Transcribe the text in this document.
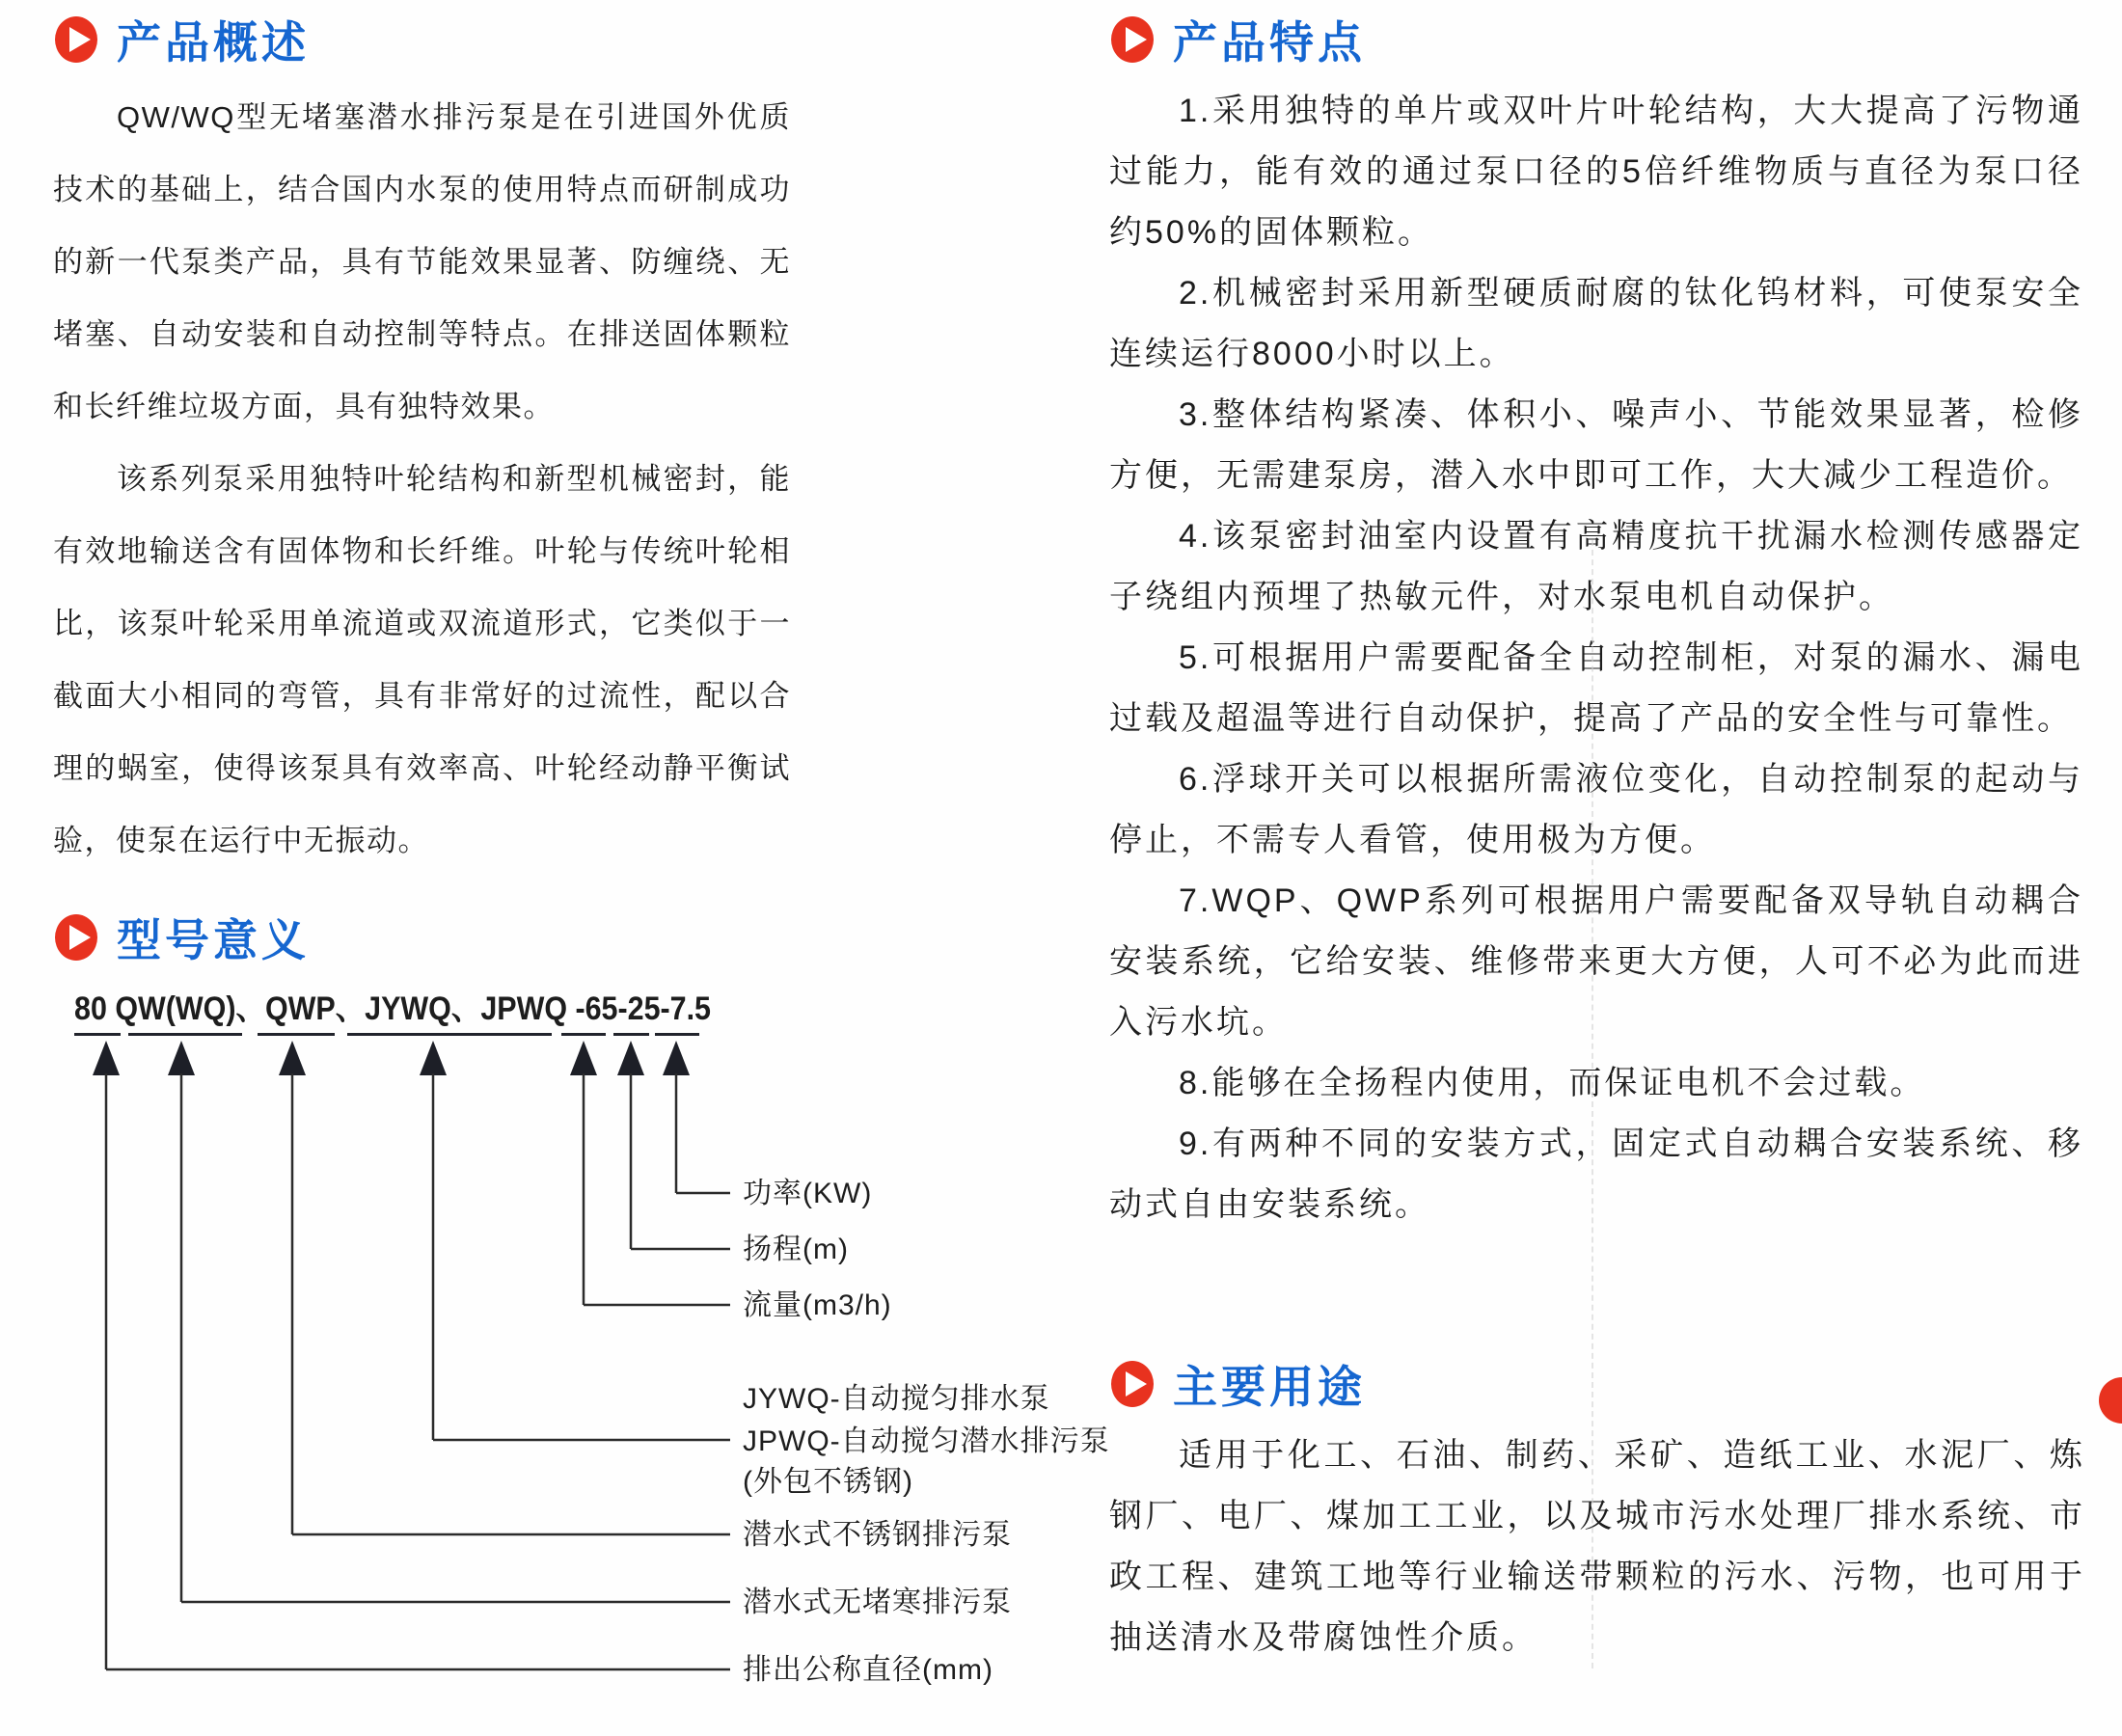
产品概述

QW/WQ型无堵塞潜水排污泵是在引进国外优质技术的基础上，结合国内水泵的使用特点而研制成功的新一代泵类产品，具有节能效果显著、防缠绕、无堵塞、自动安装和自动控制等特点。在排送固体颗粒和长纤维垃圾方面，具有独特效果。

该系列泵采用独特叶轮结构和新型机械密封，能有效地输送含有固体物和长纤维。叶轮与传统叶轮相比，该泵叶轮采用单流道或双流道形式，它类似于一截面大小相同的弯管，具有非常好的过流性，配以合理的蜗室，使得该泵具有效率高、叶轮经动静平衡试验，使泵在运行中无振动。

型号意义
80 QW(WQ)、QWP、JYWQ、JPWQ -65-25-7.5
功率(KW)
扬程(m)
流量(m3/h)
JYWQ-自动搅匀排水泵
JPWQ-自动搅匀潜水排污泵
(外包不锈钢)
潜水式不锈钢排污泵
潜水式无堵寒排污泵
排出公称直径(mm)
产品特点

1.采用独特的单片或双叶片叶轮结构，大大提高了污物通过能力，能有效的通过泵口径的5倍纤维物质与直径为泵口径约50%的固体颗粒。

2.机械密封采用新型硬质耐腐的钛化钨材料，可使泵安全连续运行8000小时以上。

3.整体结构紧凑、体积小、噪声小、节能效果显著，检修方便，无需建泵房，潜入水中即可工作，大大减少工程造价。

4.该泵密封油室内设置有高精度抗干扰漏水检测传感器定子绕组内预埋了热敏元件，对水泵电机自动保护。

5.可根据用户需要配备全自动控制柜，对泵的漏水、漏电过载及超温等进行自动保护，提高了产品的安全性与可靠性。

6.浮球开关可以根据所需液位变化，自动控制泵的起动与停止，不需专人看管，使用极为方便。

7.WQP、QWP系列可根据用户需要配备双导轨自动耦合安装系统，它给安装、维修带来更大方便，人可不必为此而进入污水坑。

8.能够在全扬程内使用，而保证电机不会过载。

9.有两种不同的安装方式，固定式自动耦合安装系统、移动式自由安装系统。

主要用途

适用于化工、石油、制药、采矿、造纸工业、水泥厂、炼钢厂、电厂、煤加工工业，以及城市污水处理厂排水系统、市政工程、建筑工地等行业输送带颗粒的污水、污物，也可用于抽送清水及带腐蚀性介质。
